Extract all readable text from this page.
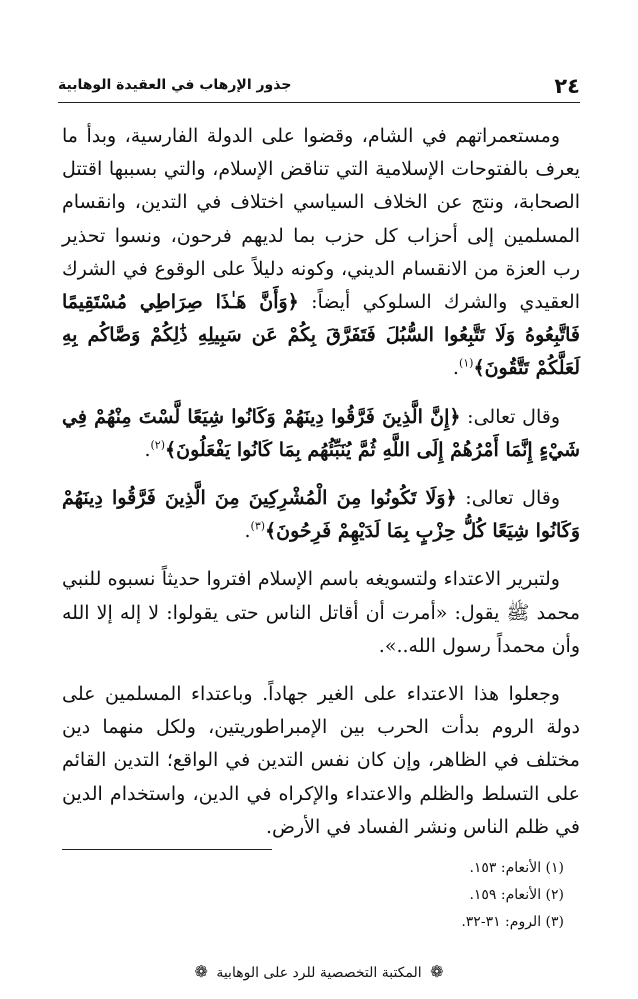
٢٤
جذور الإرهاب في العقيدة الوهابية

ومستعمراتهم في الشام، وقضوا على الدولة الفارسية، وبدأ ما يعرف بالفتوحات الإسلامية التي تناقض الإسلام، والتي بسببها اقتتل الصحابة، ونتج عن الخلاف السياسي اختلاف في التدين، وانقسام المسلمين إلى أحزاب كل حزب بما لديهم فرحون، ونسوا تحذير رب العزة من الانقسام الديني، وكونه دليلاً على الوقوع في الشرك العقيدي والشرك السلوكي أيضاً: ﴿وَأَنَّ هَـٰذَا صِرَاطِي مُسْتَقِيمًا فَاتَّبِعُوهُ وَلَا تَتَّبِعُوا السُّبُلَ فَتَفَرَّقَ بِكُمْ عَن سَبِيلِهِ ذَٰلِكُمْ وَصَّاكُم بِهِ لَعَلَّكُمْ تَتَّقُونَ﴾$^{(١)}$.

وقال تعالى: ﴿إِنَّ الَّذِينَ فَرَّقُوا دِينَهُمْ وَكَانُوا شِيَعًا لَّسْتَ مِنْهُمْ فِي شَيْءٍ إِنَّمَا أَمْرُهُمْ إِلَى اللَّهِ ثُمَّ يُنَبِّئُهُم بِمَا كَانُوا يَفْعَلُونَ﴾$^{(٢)}$.

وقال تعالى: ﴿وَلَا تَكُونُوا مِنَ الْمُشْرِكِينَ مِنَ الَّذِينَ فَرَّقُوا دِينَهُمْ وَكَانُوا شِيَعًا كُلُّ حِزْبٍ بِمَا لَدَيْهِمْ فَرِحُونَ﴾$^{(٣)}$.

ولتبرير الاعتداء ولتسويغه باسم الإسلام افتروا حديثاً نسبوه للنبي محمد ﷺ يقول: «أمرت أن أقاتل الناس حتى يقولوا: لا إله إلا الله وأن محمداً رسول الله..».

وجعلوا هذا الاعتداء على الغير جهاداً. وباعتداء المسلمين على دولة الروم بدأت الحرب بين الإمبراطوريتين، ولكل منهما دين مختلف في الظاهر، وإن كان نفس التدين في الواقع؛ التدين القائم على التسلط والظلم والاعتداء والإكراه في الدين، واستخدام الدين في ظلم الناس ونشر الفساد في الأرض.

(١) الأنعام: ١٥٣.
(٢) الأنعام: ١٥٩.
(٣) الروم: ٣١-٣٢.
❁ المكتبة التخصصية للرد على الوهابية ❁
